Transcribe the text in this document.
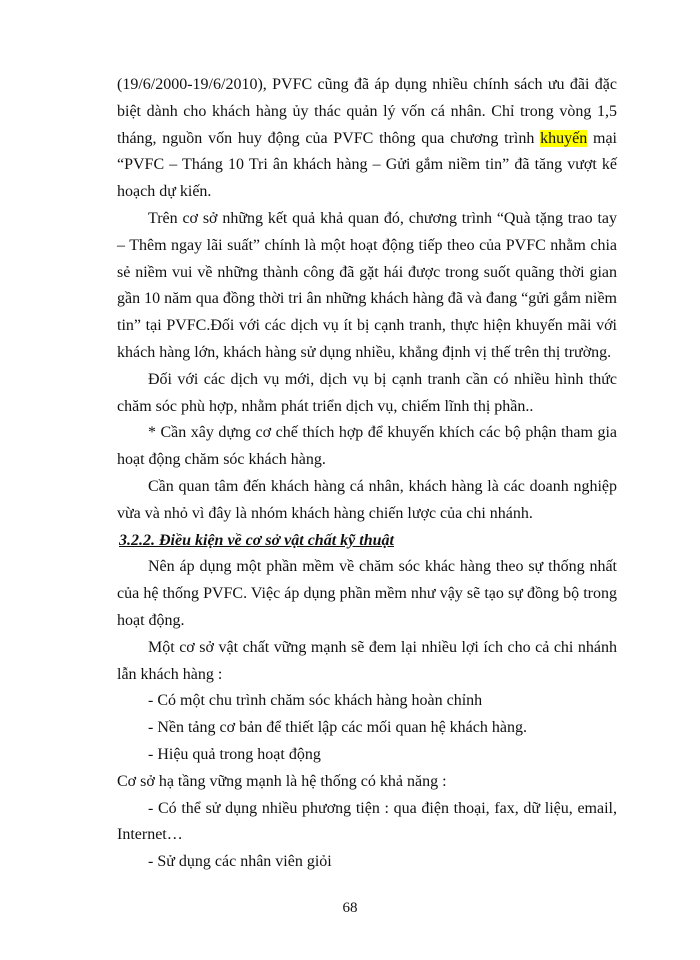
(19/6/2000-19/6/2010), PVFC cũng đã áp dụng nhiều chính sách ưu đãi đặc biệt dành cho khách hàng ủy thác quản lý vốn cá nhân. Chỉ trong vòng 1,5 tháng, nguồn vốn huy động của PVFC thông qua chương trình khuyến mại “PVFC – Tháng 10 Tri ân khách hàng – Gửi gắm niềm tin” đã tăng vượt kế hoạch dự kiến.

Trên cơ sở những kết quả khả quan đó, chương trình “Quà tặng trao tay – Thêm ngay lãi suất” chính là một hoạt động tiếp theo của PVFC nhằm chia sẻ niềm vui về những thành công đã gặt hái được trong suốt quãng thời gian gần 10 năm qua đồng thời tri ân những khách hàng đã và đang “gửi gắm niềm tin” tại PVFC.Đối với các dịch vụ ít bị cạnh tranh, thực hiện khuyến mãi với khách hàng lớn, khách hàng sử dụng nhiều, khẳng định vị thế trên thị trường.

Đối với các dịch vụ mới, dịch vụ bị cạnh tranh cần có nhiều hình thức chăm sóc phù hợp, nhằm phát triển dịch vụ, chiếm lĩnh thị phần..

* Cần xây dựng cơ chế thích hợp để khuyến khích các bộ phận tham gia hoạt động chăm sóc khách hàng.

Cần quan tâm đến khách hàng cá nhân, khách hàng là các doanh nghiệp vừa và nhỏ vì đây là nhóm khách hàng chiến lược của chi nhánh.

3.2.2. Điều kiện về cơ sở vật chất kỹ thuật

Nên áp dụng một phần mềm về chăm sóc khác hàng theo sự thống nhất của hệ thống PVFC. Việc áp dụng phần mềm như vậy sẽ tạo sự đồng bộ trong hoạt động.

Một cơ sở vật chất vững mạnh sẽ đem lại nhiều lợi ích cho cả chi nhánh lẫn khách hàng :

- Có một chu trình chăm sóc khách hàng hoàn chỉnh

- Nền tảng cơ bản để thiết lập các mối quan hệ khách hàng.

- Hiệu quả trong hoạt động

Cơ sở hạ tầng vững mạnh là hệ thống có khả năng :

- Có thể sử dụng nhiều phương tiện : qua điện thoại, fax, dữ liệu, email, Internet…

- Sử dụng các nhân viên giỏi

68
